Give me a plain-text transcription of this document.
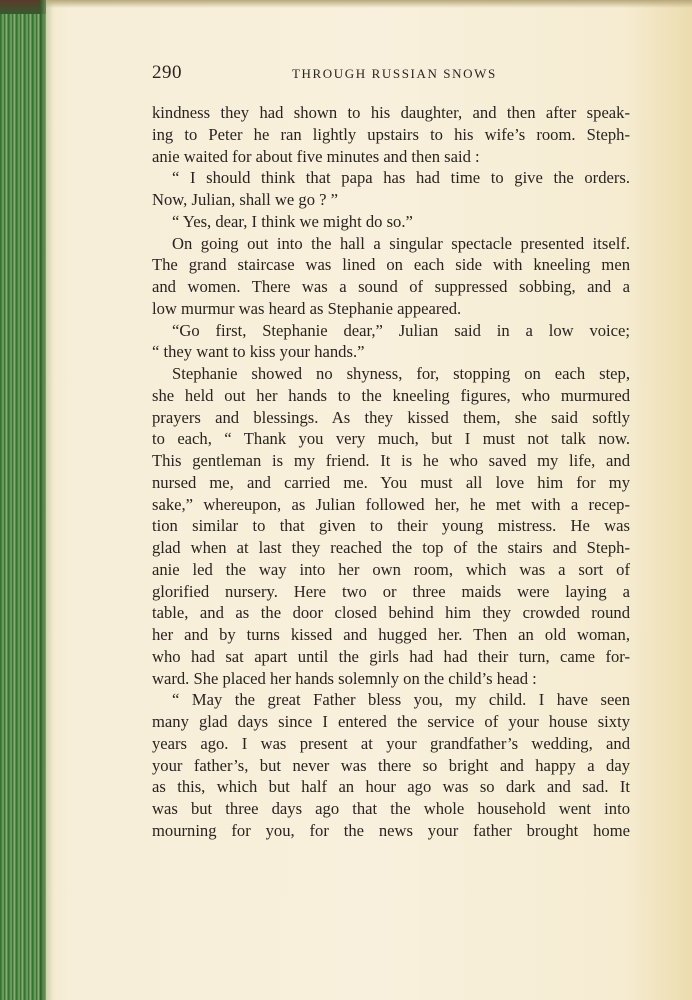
290	THROUGH RUSSIAN SNOWS
kindness they had shown to his daughter, and then after speak-
ing to Peter he ran lightly upstairs to his wife’s room. Steph-
anie waited for about five minutes and then said :
“ I should think that papa has had time to give the orders.
Now, Julian, shall we go ? ”
“ Yes, dear, I think we might do so.”
On going out into the hall a singular spectacle presented itself.
The grand staircase was lined on each side with kneeling men
and women. There was a sound of suppressed sobbing, and a
low murmur was heard as Stephanie appeared.
“Go first, Stephanie dear,” Julian said in a low voice;
“ they want to kiss your hands.”
Stephanie showed no shyness, for, stopping on each step,
she held out her hands to the kneeling figures, who murmured
prayers and blessings. As they kissed them, she said softly
to each, “ Thank you very much, but I must not talk now.
This gentleman is my friend. It is he who saved my life, and
nursed me, and carried me. You must all love him for my
sake,” whereupon, as Julian followed her, he met with a recep-
tion similar to that given to their young mistress. He was
glad when at last they reached the top of the stairs and Steph-
anie led the way into her own room, which was a sort of
glorified nursery. Here two or three maids were laying a
table, and as the door closed behind him they crowded round
her and by turns kissed and hugged her. Then an old woman,
who had sat apart until the girls had had their turn, came for-
ward. She placed her hands solemnly on the child’s head :
“ May the great Father bless you, my child. I have seen
many glad days since I entered the service of your house sixty
years ago. I was present at your grandfather’s wedding, and
your father’s, but never was there so bright and happy a day
as this, which but half an hour ago was so dark and sad. It
was but three days ago that the whole household went into
mourning for you, for the news your father brought home
